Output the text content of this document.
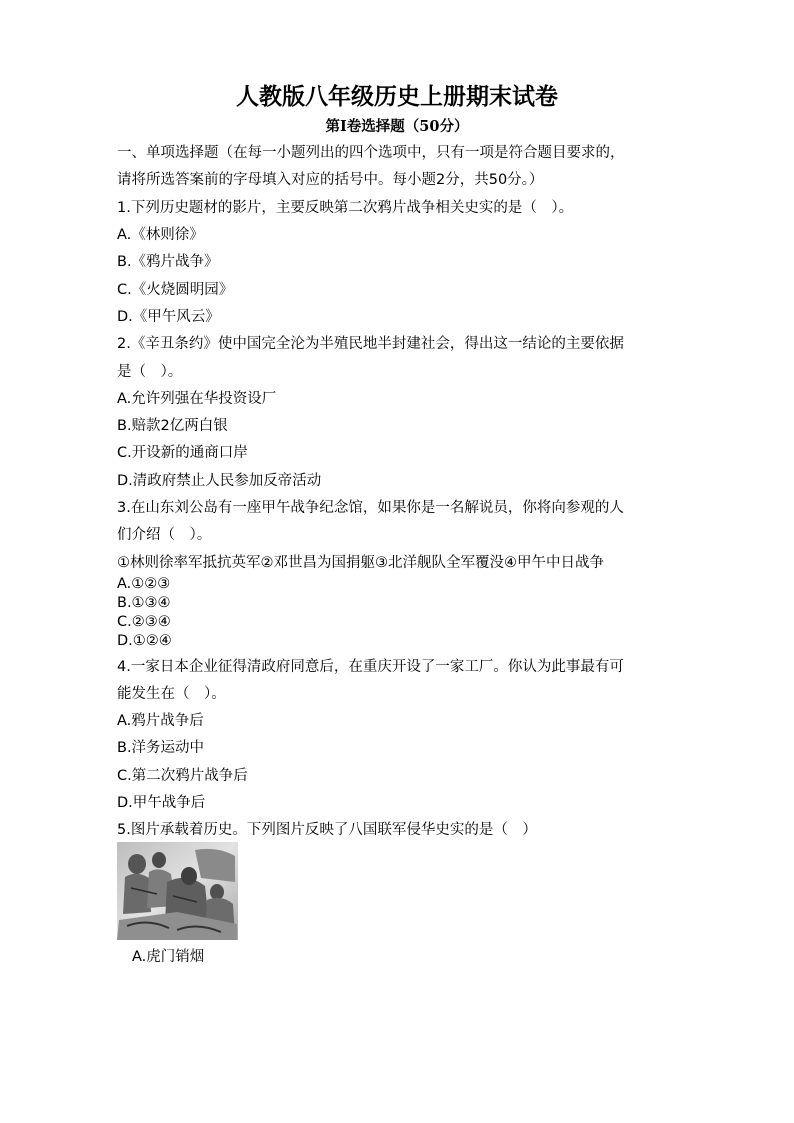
人教版八年级历史上册期末试卷
第Ⅰ卷选择题（50分）
一、单项选择题（在每一小题列出的四个选项中，只有一项是符合题目要求的，
请将所选答案前的字母填入对应的括号中。每小题2分，共50分。）
1.下列历史题材的影片，主要反映第二次鸦片战争相关史实的是（　）。
A.《林则徐》
B.《鸦片战争》
C.《火烧圆明园》
D.《甲午风云》
2.《辛丑条约》使中国完全沦为半殖民地半封建社会，得出这一结论的主要依据
是（　）。
A.允许列强在华投资设厂
B.赔款2亿两白银
C.开设新的通商口岸
D.清政府禁止人民参加反帝活动
3.在山东刘公岛有一座甲午战争纪念馆，如果你是一名解说员，你将向参观的人
们介绍（　）。
①林则徐率军抵抗英军②邓世昌为国捐躯③北洋舰队全军覆没④甲午中日战争
A.①②③
B.①③④
C.②③④
D.①②④
4.一家日本企业征得清政府同意后，在重庆开设了一家工厂。你认为此事最有可
能发生在（　）。
A.鸦片战争后
B.洋务运动中
C.第二次鸦片战争后
D.甲午战争后
5.图片承载着历史。下列图片反映了八国联军侵华史实的是（　）
A.虎门销烟
